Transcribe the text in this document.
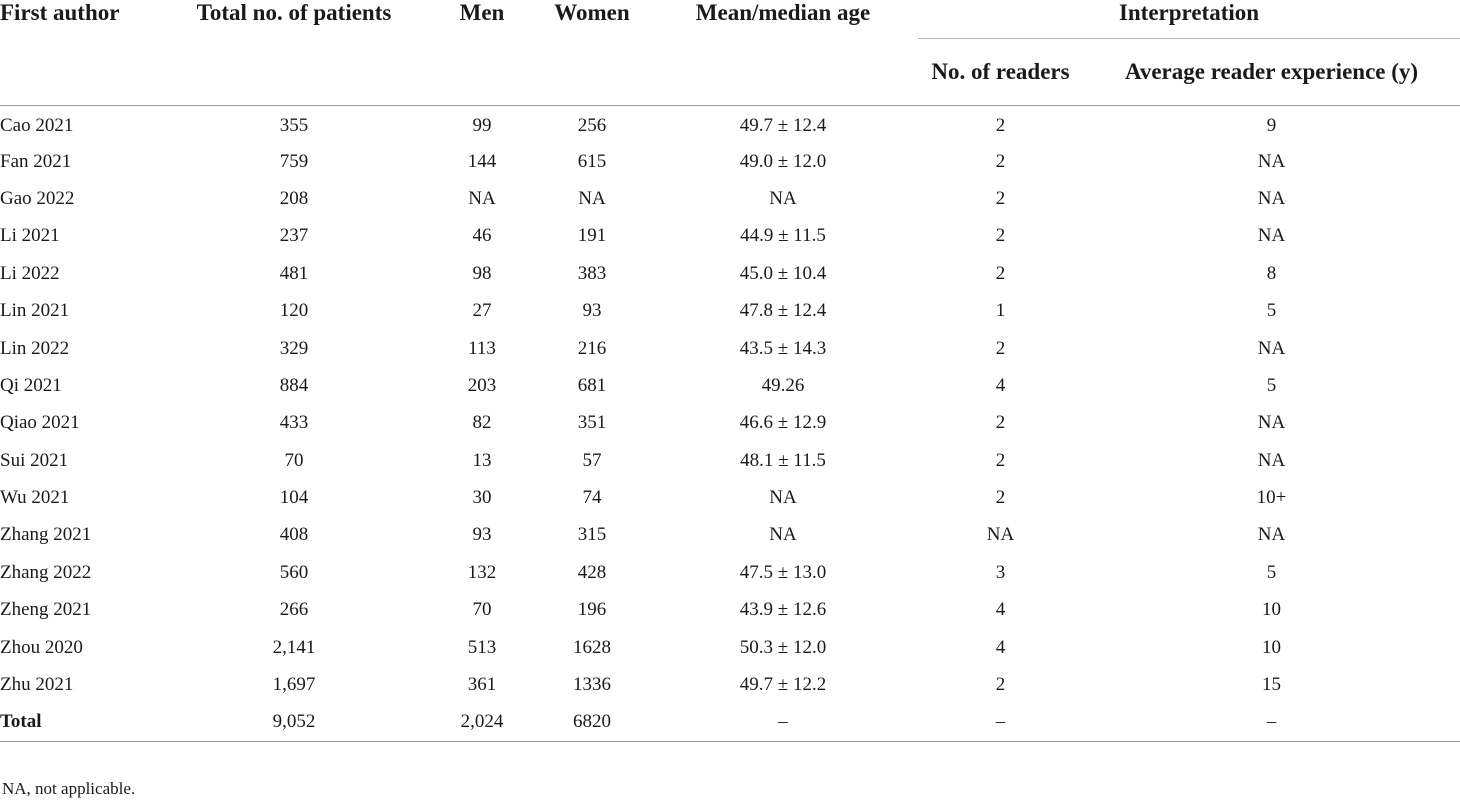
First author	Total no. of patients	Men	Women	Mean/median age	Interpretation	
					No. of readers	Average reader experience (y)
Cao 2021	355	99	256	49.7 ± 12.4	2	9
Fan 2021	759	144	615	49.0 ± 12.0	2	NA
Gao 2022	208	NA	NA	NA	2	NA
Li 2021	237	46	191	44.9 ± 11.5	2	NA
Li 2022	481	98	383	45.0 ± 10.4	2	8
Lin 2021	120	27	93	47.8 ± 12.4	1	5
Lin 2022	329	113	216	43.5 ± 14.3	2	NA
Qi 2021	884	203	681	49.26	4	5
Qiao 2021	433	82	351	46.6 ± 12.9	2	NA
Sui 2021	70	13	57	48.1 ± 11.5	2	NA
Wu 2021	104	30	74	NA	2	10+
Zhang 2021	408	93	315	NA	NA	NA
Zhang 2022	560	132	428	47.5 ± 13.0	3	5
Zheng 2021	266	70	196	43.9 ± 12.6	4	10
Zhou 2020	2,141	513	1628	50.3 ± 12.0	4	10
Zhu 2021	1,697	361	1336	49.7 ± 12.2	2	15
Total	9,052	2,024	6820	–	–	–
NA, not applicable.
